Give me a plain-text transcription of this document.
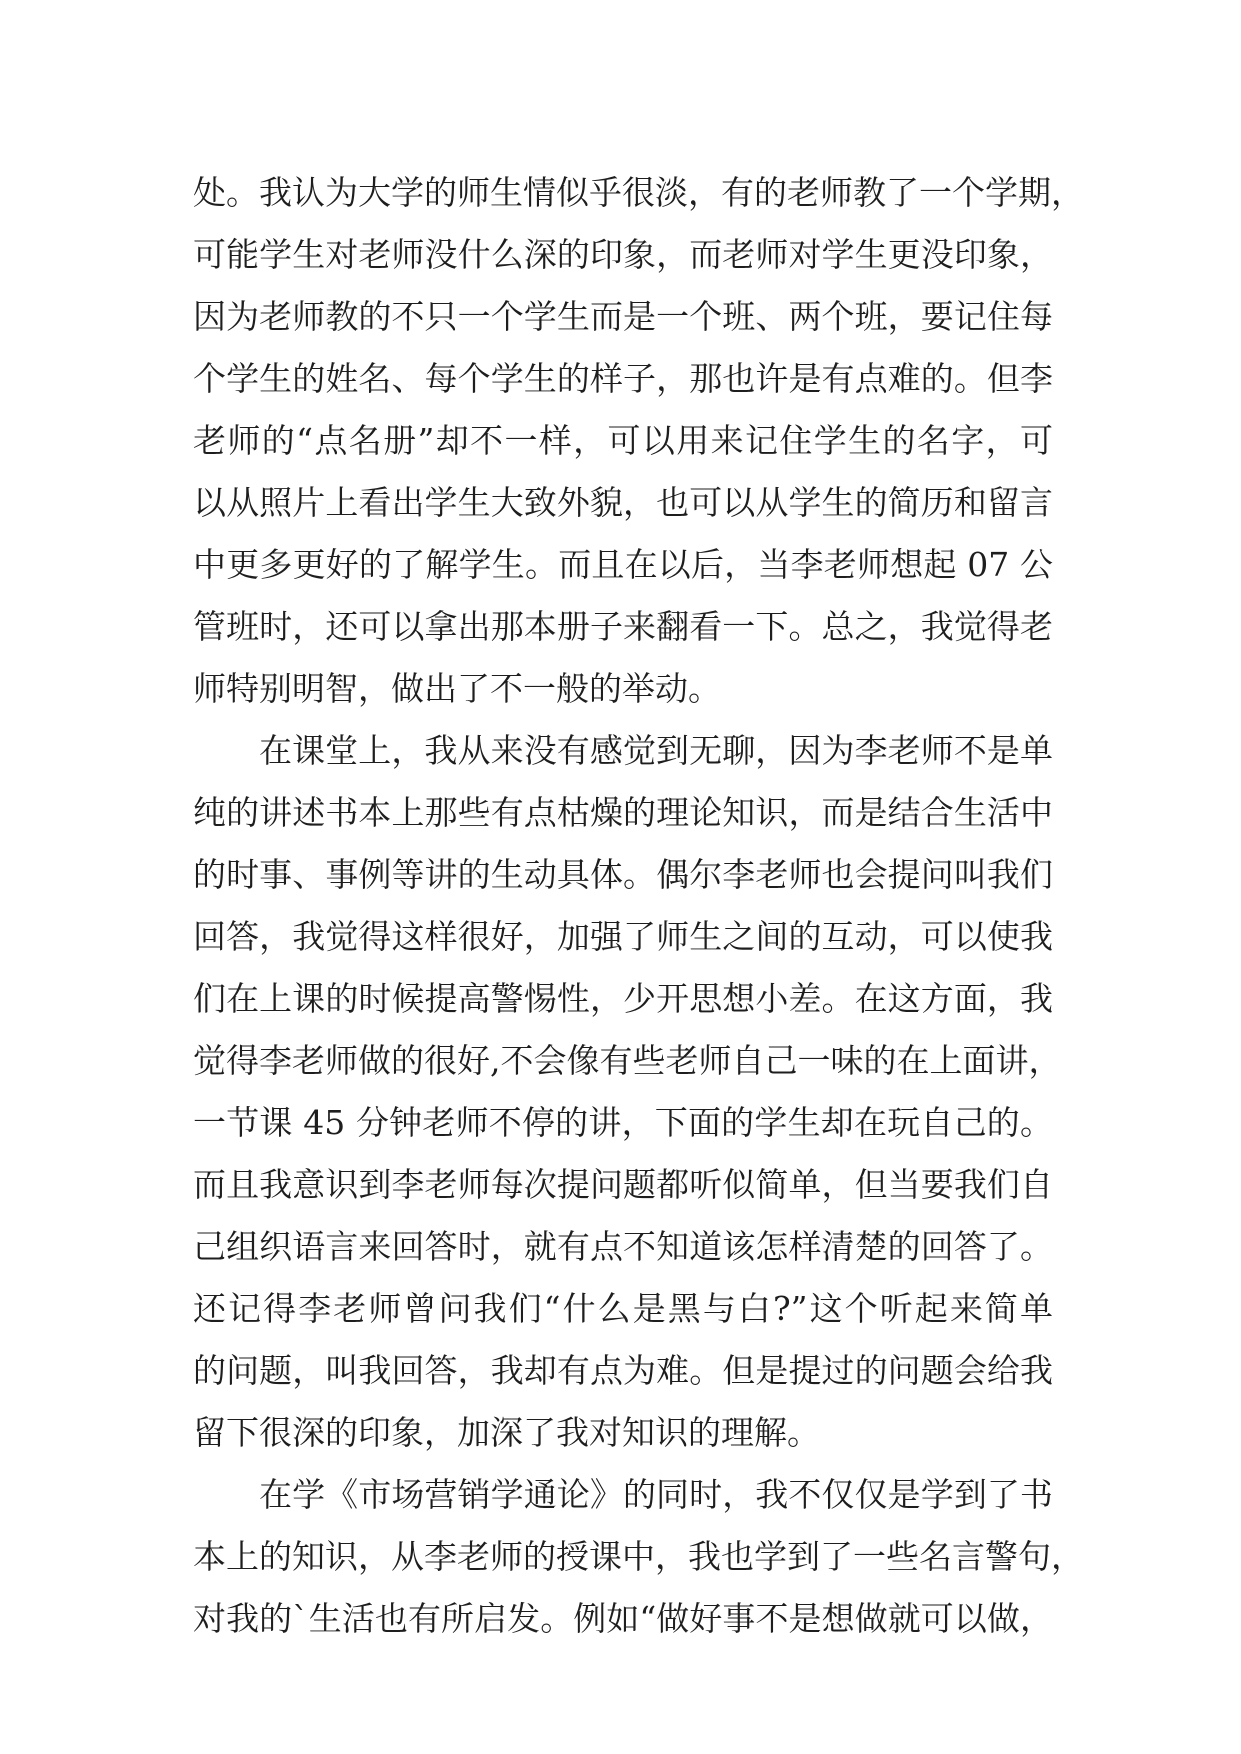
处。我认为大学的师生情似乎很淡，有的老师教了一个学期，
可能学生对老师没什么深的印象，而老师对学生更没印象，
因为老师教的不只一个学生而是一个班、两个班，要记住每
个学生的姓名、每个学生的样子，那也许是有点难的。但李
老师的“点名册”却不一样，可以用来记住学生的名字，可
以从照片上看出学生大致外貌，也可以从学生的简历和留言
中更多更好的了解学生。而且在以后，当李老师想起 07 公
管班时，还可以拿出那本册子来翻看一下。总之，我觉得老
师特别明智，做出了不一般的举动。
在课堂上，我从来没有感觉到无聊，因为李老师不是单
纯的讲述书本上那些有点枯燥的理论知识，而是结合生活中
的时事、事例等讲的生动具体。偶尔李老师也会提问叫我们
回答，我觉得这样很好，加强了师生之间的互动，可以使我
们在上课的时候提高警惕性，少开思想小差。在这方面，我
觉得李老师做的很好,不会像有些老师自己一味的在上面讲，
一节课 45 分钟老师不停的讲，下面的学生却在玩自己的。
而且我意识到李老师每次提问题都听似简单，但当要我们自
己组织语言来回答时，就有点不知道该怎样清楚的回答了。
还记得李老师曾问我们“什么是黑与白?”这个听起来简单
的问题，叫我回答，我却有点为难。但是提过的问题会给我
留下很深的印象，加深了我对知识的理解。
在学《市场营销学通论》的同时，我不仅仅是学到了书
本上的知识，从李老师的授课中，我也学到了一些名言警句，
对我的`生活也有所启发。例如“做好事不是想做就可以做，
